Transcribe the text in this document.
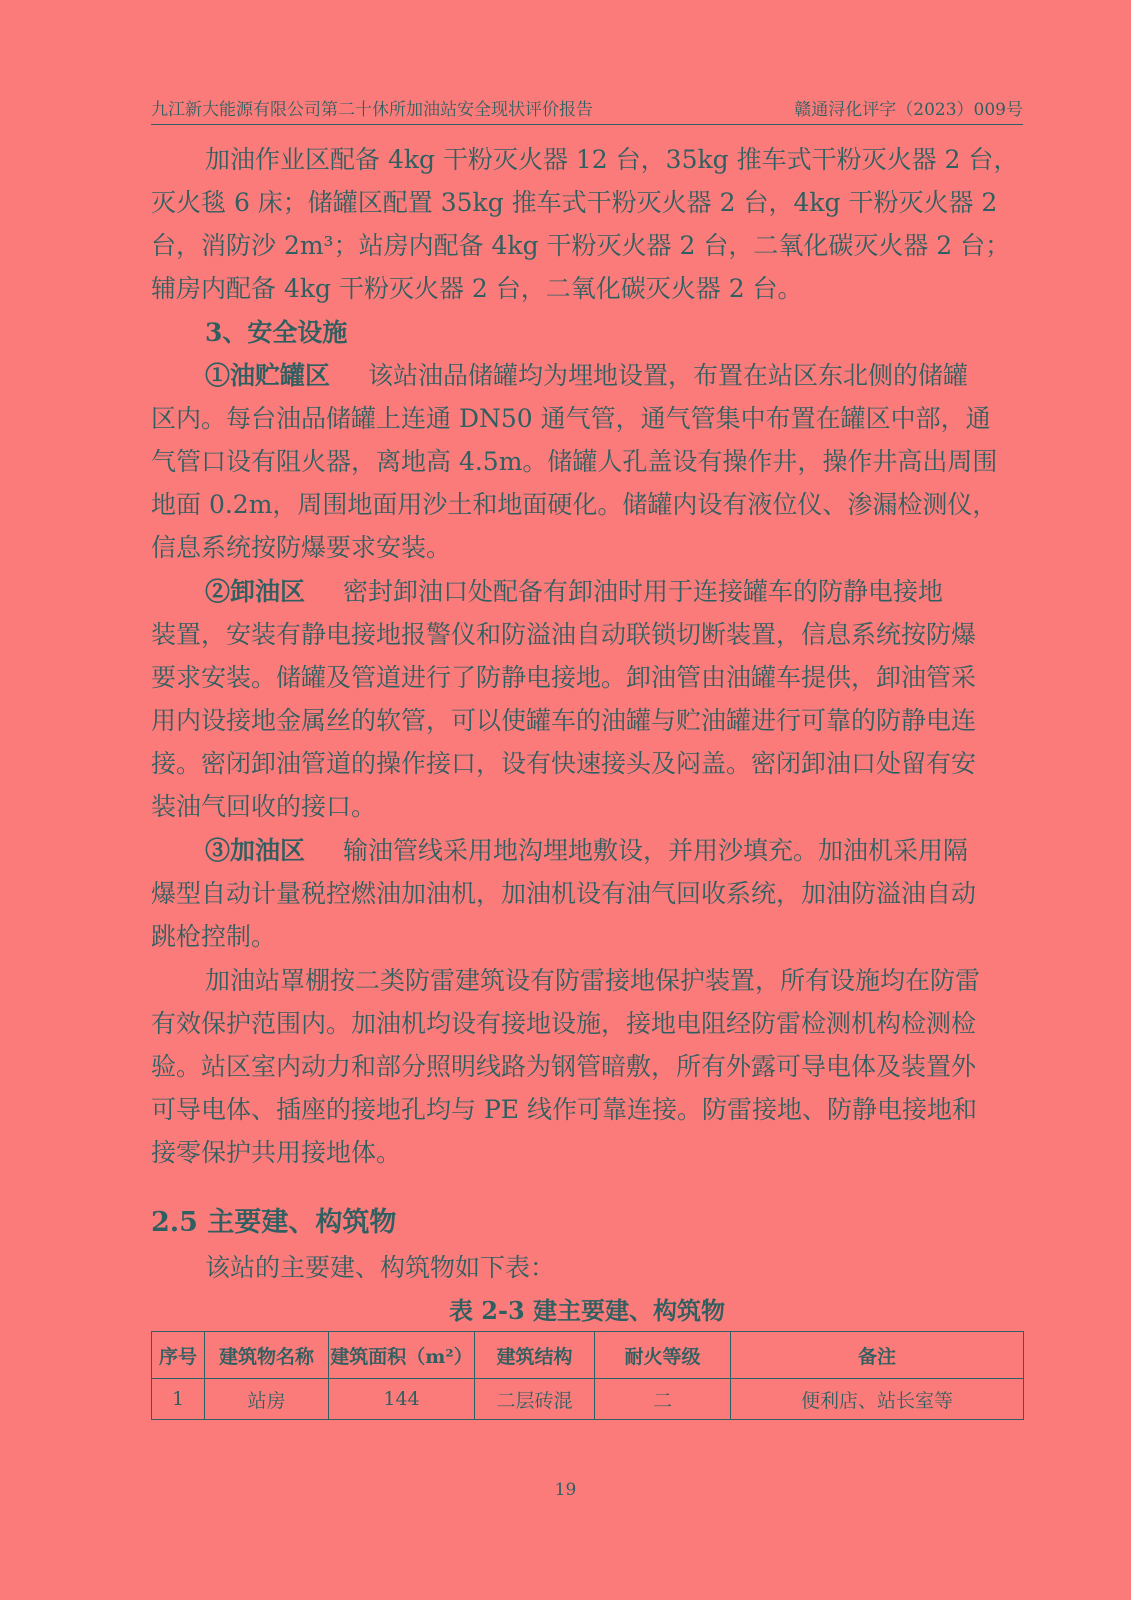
九江新大能源有限公司第二十休所加油站安全现状评价报告	赣通浔化评字（2023）009号
加油作业区配备 4kg 干粉灭火器 12 台，35kg 推车式干粉灭火器 2 台，
灭火毯 6 床；储罐区配置 35kg 推车式干粉灭火器 2 台，4kg 干粉灭火器 2
台，消防沙 2m³；站房内配备 4kg 干粉灭火器 2 台，二氧化碳灭火器 2 台；
辅房内配备 4kg 干粉灭火器 2 台，二氧化碳灭火器 2 台。
3、安全设施
①油贮罐区 该站油品储罐均为埋地设置，布置在站区东北侧的储罐
区内。每台油品储罐上连通 DN50 通气管，通气管集中布置在罐区中部，通
气管口设有阻火器，离地高 4.5m。储罐人孔盖设有操作井，操作井高出周围
地面 0.2m，周围地面用沙土和地面硬化。储罐内设有液位仪、渗漏检测仪，
信息系统按防爆要求安装。
②卸油区 密封卸油口处配备有卸油时用于连接罐车的防静电接地
装置，安装有静电接地报警仪和防溢油自动联锁切断装置，信息系统按防爆
要求安装。储罐及管道进行了防静电接地。卸油管由油罐车提供，卸油管采
用内设接地金属丝的软管，可以使罐车的油罐与贮油罐进行可靠的防静电连
接。密闭卸油管道的操作接口，设有快速接头及闷盖。密闭卸油口处留有安
装油气回收的接口。
③加油区 输油管线采用地沟埋地敷设，并用沙填充。加油机采用隔
爆型自动计量税控燃油加油机，加油机设有油气回收系统，加油防溢油自动
跳枪控制。
加油站罩棚按二类防雷建筑设有防雷接地保护装置，所有设施均在防雷
有效保护范围内。加油机均设有接地设施，接地电阻经防雷检测机构检测检
验。站区室内动力和部分照明线路为钢管暗敷，所有外露可导电体及装置外
可导电体、插座的接地孔均与 PE 线作可靠连接。防雷接地、防静电接地和
接零保护共用接地体。
2.5 主要建、构筑物
该站的主要建、构筑物如下表：
表 2-3 建主要建、构筑物
序号	建筑物名称	建筑面积（m²）	建筑结构	耐火等级	备注
1	站房	144	二层砖混	二	便利店、站长室等
19
